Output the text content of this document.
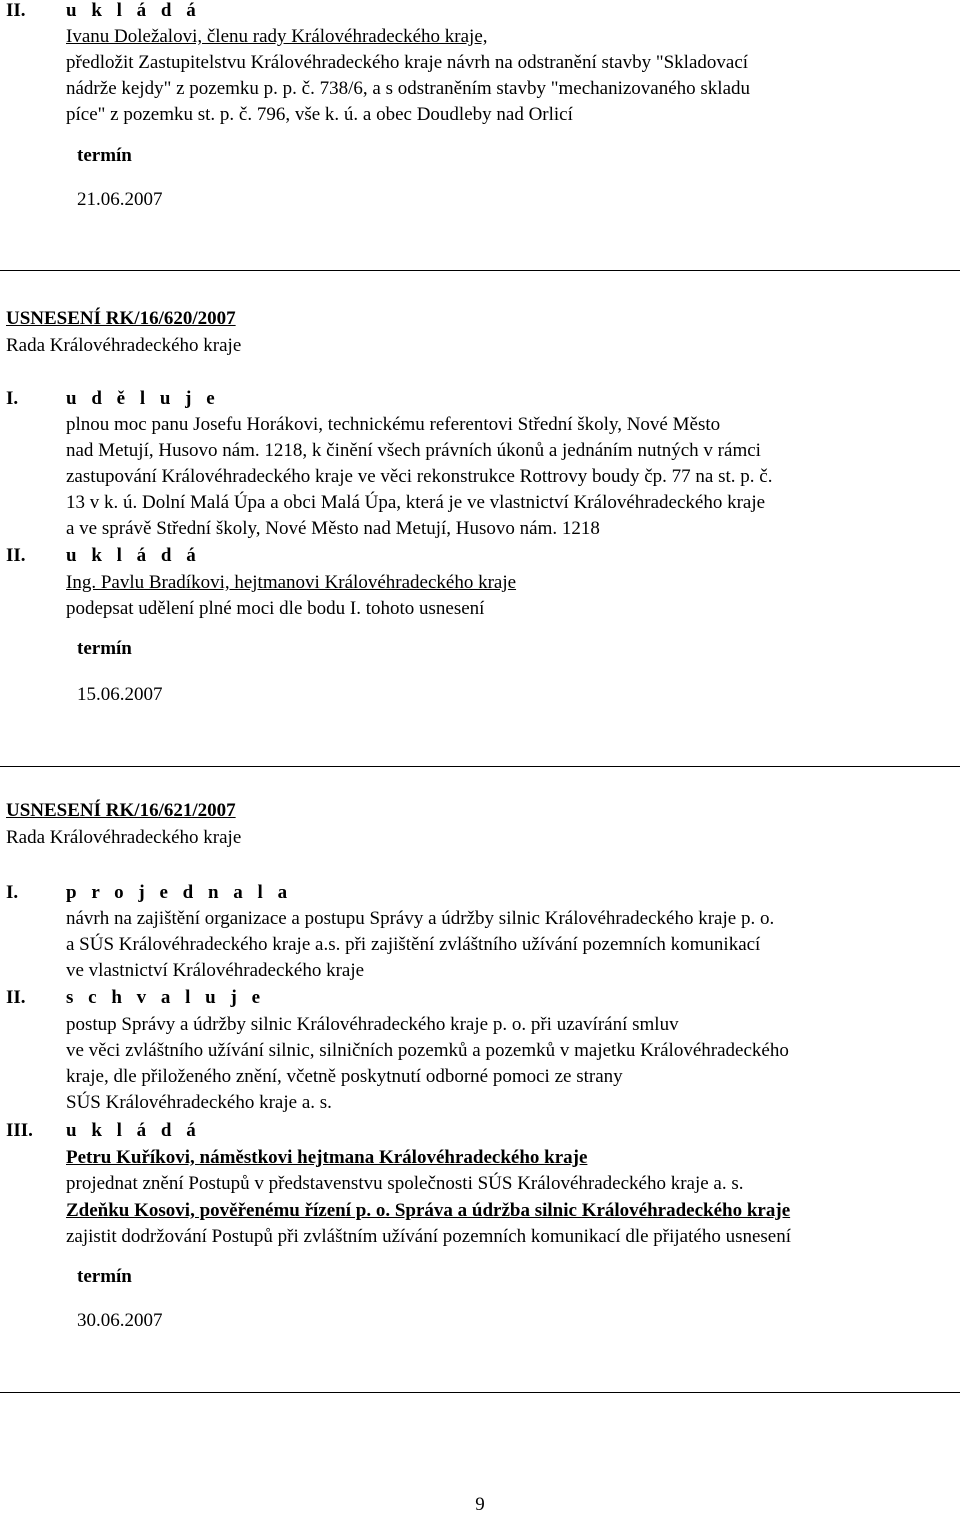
II. u k l á d á
Ivanu Doležalovi, členu rady Královéhradeckého kraje,
předložit Zastupitelstvu Královéhradeckého kraje návrh na odstranění stavby "Skladovací
nádrže kejdy" z pozemku p. p. č. 738/6, a s odstraněním stavby "mechanizovaného skladu
píce" z pozemku st. p. č. 796, vše k. ú. a obec Doudleby nad Orlicí
termín
21.06.2007
USNESENÍ RK/16/620/2007
Rada Královéhradeckého kraje
I.	u d ě l u j e
plnou moc panu Josefu Horákovi, technickému referentovi Střední školy, Nové Město
nad Metují, Husovo nám. 1218, k činění všech právních úkonů a jednáním nutných v rámci
zastupování Královéhradeckého kraje ve věci rekonstrukce Rottrovy boudy čp. 77 na st. p. č.
13 v k. ú. Dolní Malá Úpa a obci Malá Úpa, která je ve vlastnictví Královéhradeckého kraje
a ve správě Střední školy, Nové Město nad Metují, Husovo nám. 1218
II. u k l á d á
Ing. Pavlu Bradíkovi, hejtmanovi Královéhradeckého kraje
podepsat udělení plné moci dle bodu I. tohoto usnesení
termín
15.06.2007
USNESENÍ RK/16/621/2007
Rada Královéhradeckého kraje
I.	p r o j e d n a l a
návrh na zajištění organizace a postupu Správy a údržby silnic Královéhradeckého kraje p. o.
a SÚS Královéhradeckého kraje a.s. při zajištění zvláštního užívání pozemních komunikací
ve vlastnictví Královéhradeckého kraje
II. s c h v a l u j e
postup Správy a údržby silnic Královéhradeckého kraje p. o. při uzavírání smluv
ve věci zvláštního užívání silnic, silničních pozemků a pozemků v majetku Královéhradeckého
kraje, dle přiloženého znění, včetně poskytnutí odborné pomoci ze strany
SÚS Královéhradeckého kraje a. s.
III. u k l á d á
Petru Kuříkovi, náměstkovi hejtmana Královéhradeckého kraje
projednat znění Postupů v představenstvu společnosti SÚS Královéhradeckého kraje a. s.
Zdeňku Kosovi, pověřenému řízení p. o. Správa a údržba silnic Královéhradeckého kraje
zajistit dodržování Postupů při zvláštním užívání pozemních komunikací dle přijatého usnesení
termín
30.06.2007
9
